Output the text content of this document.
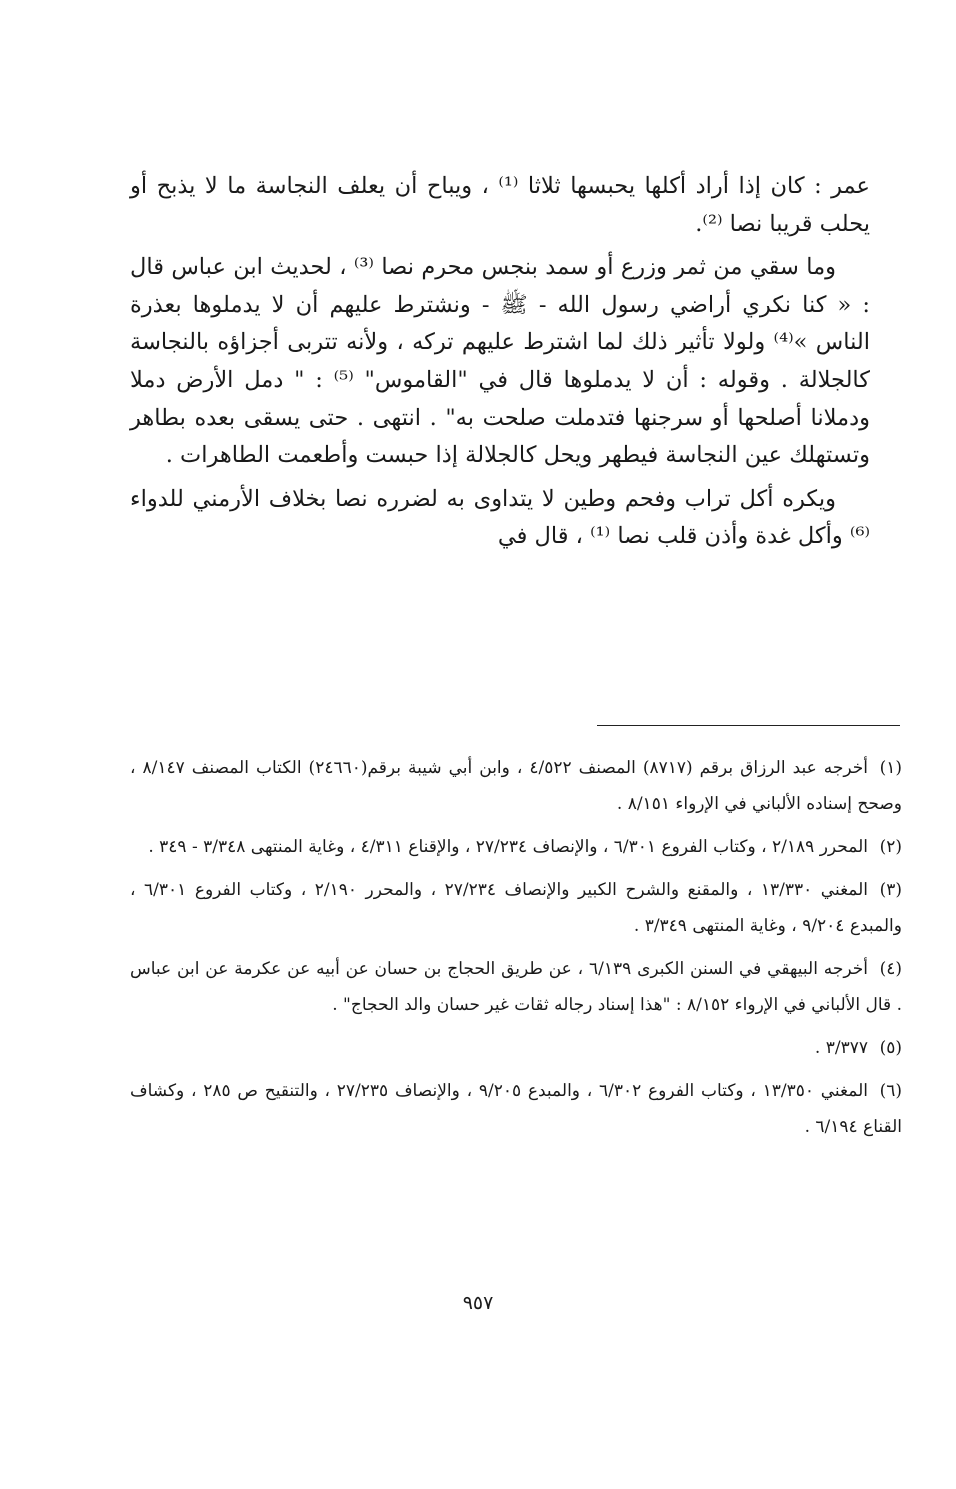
عمر : كان إذا أراد أكلها يحبسها ثلاثا ⁽¹⁾ ، ويباح أن يعلف النجاسة ما لا يذبح أو يحلب قريبا نصا ⁽²⁾.

وما سقي من ثمر وزرع أو سمد بنجس محرم نصا ⁽³⁾ ، لحديث ابن عباس قال : « كنا نكري أراضي رسول الله - ﷺ - ونشترط عليهم أن لا يدملوها بعذرة الناس »⁽⁴⁾ ولولا تأثير ذلك لما اشترط عليهم تركه ، ولأنه تتربى أجزاؤه بالنجاسة كالجلالة . وقوله : أن لا يدملوها قال في "القاموس" ⁽⁵⁾ : " دمل الأرض دملا ودملانا أصلحها أو سرجنها فتدملت صلحت به" . انتهى . حتى يسقى بعده بطاهر وتستهلك عين النجاسة فيطهر ويحل كالجلالة إذا حبست وأطعمت الطاهرات .

ويكره أكل تراب وفحم وطين لا يتداوى به لضرره نصا بخلاف الأرمني للدواء ⁽⁶⁾ وأكل غدة وأذن قلب نصا ⁽¹⁾ ، قال في

(١)أخرجه عبد الرزاق برقم (٨٧١٧) المصنف ٤/٥٢٢ ، وابن أبي شيبة برقم(٢٤٦٦٠) الكتاب المصنف ٨/١٤٧ ، وصحح إسناده الألباني في الإرواء ٨/١٥١ .

(٢)المحرر ٢/١٨٩ ، وكتاب الفروع ٦/٣٠١ ، والإنصاف ٢٧/٢٣٤ ، والإقناع ٤/٣١١ ، وغاية المنتهى ٣/٣٤٨ - ٣٤٩ .

(٣)المغني ١٣/٣٣٠ ، والمقنع والشرح الكبير والإنصاف ٢٧/٢٣٤ ، والمحرر ٢/١٩٠ ، وكتاب الفروع ٦/٣٠١ ، والمبدع ٩/٢٠٤ ، وغاية المنتهى ٣/٣٤٩ .

(٤)أخرجه البيهقي في السنن الكبرى ٦/١٣٩ ، عن طريق الحجاج بن حسان عن أبيه عن عكرمة عن ابن عباس . قال الألباني في الإرواء ٨/١٥٢ : "هذا إسناد رجاله ثقات غير حسان والد الحجاج" .

(٥)٣/٣٧٧ .

(٦)المغني ١٣/٣٥٠ ، وكتاب الفروع ٦/٣٠٢ ، والمبدع ٩/٢٠٥ ، والإنصاف ٢٧/٢٣٥ ، والتنقيح ص ٢٨٥ ، وكشاف القناع ٦/١٩٤ .

٩٥٧
